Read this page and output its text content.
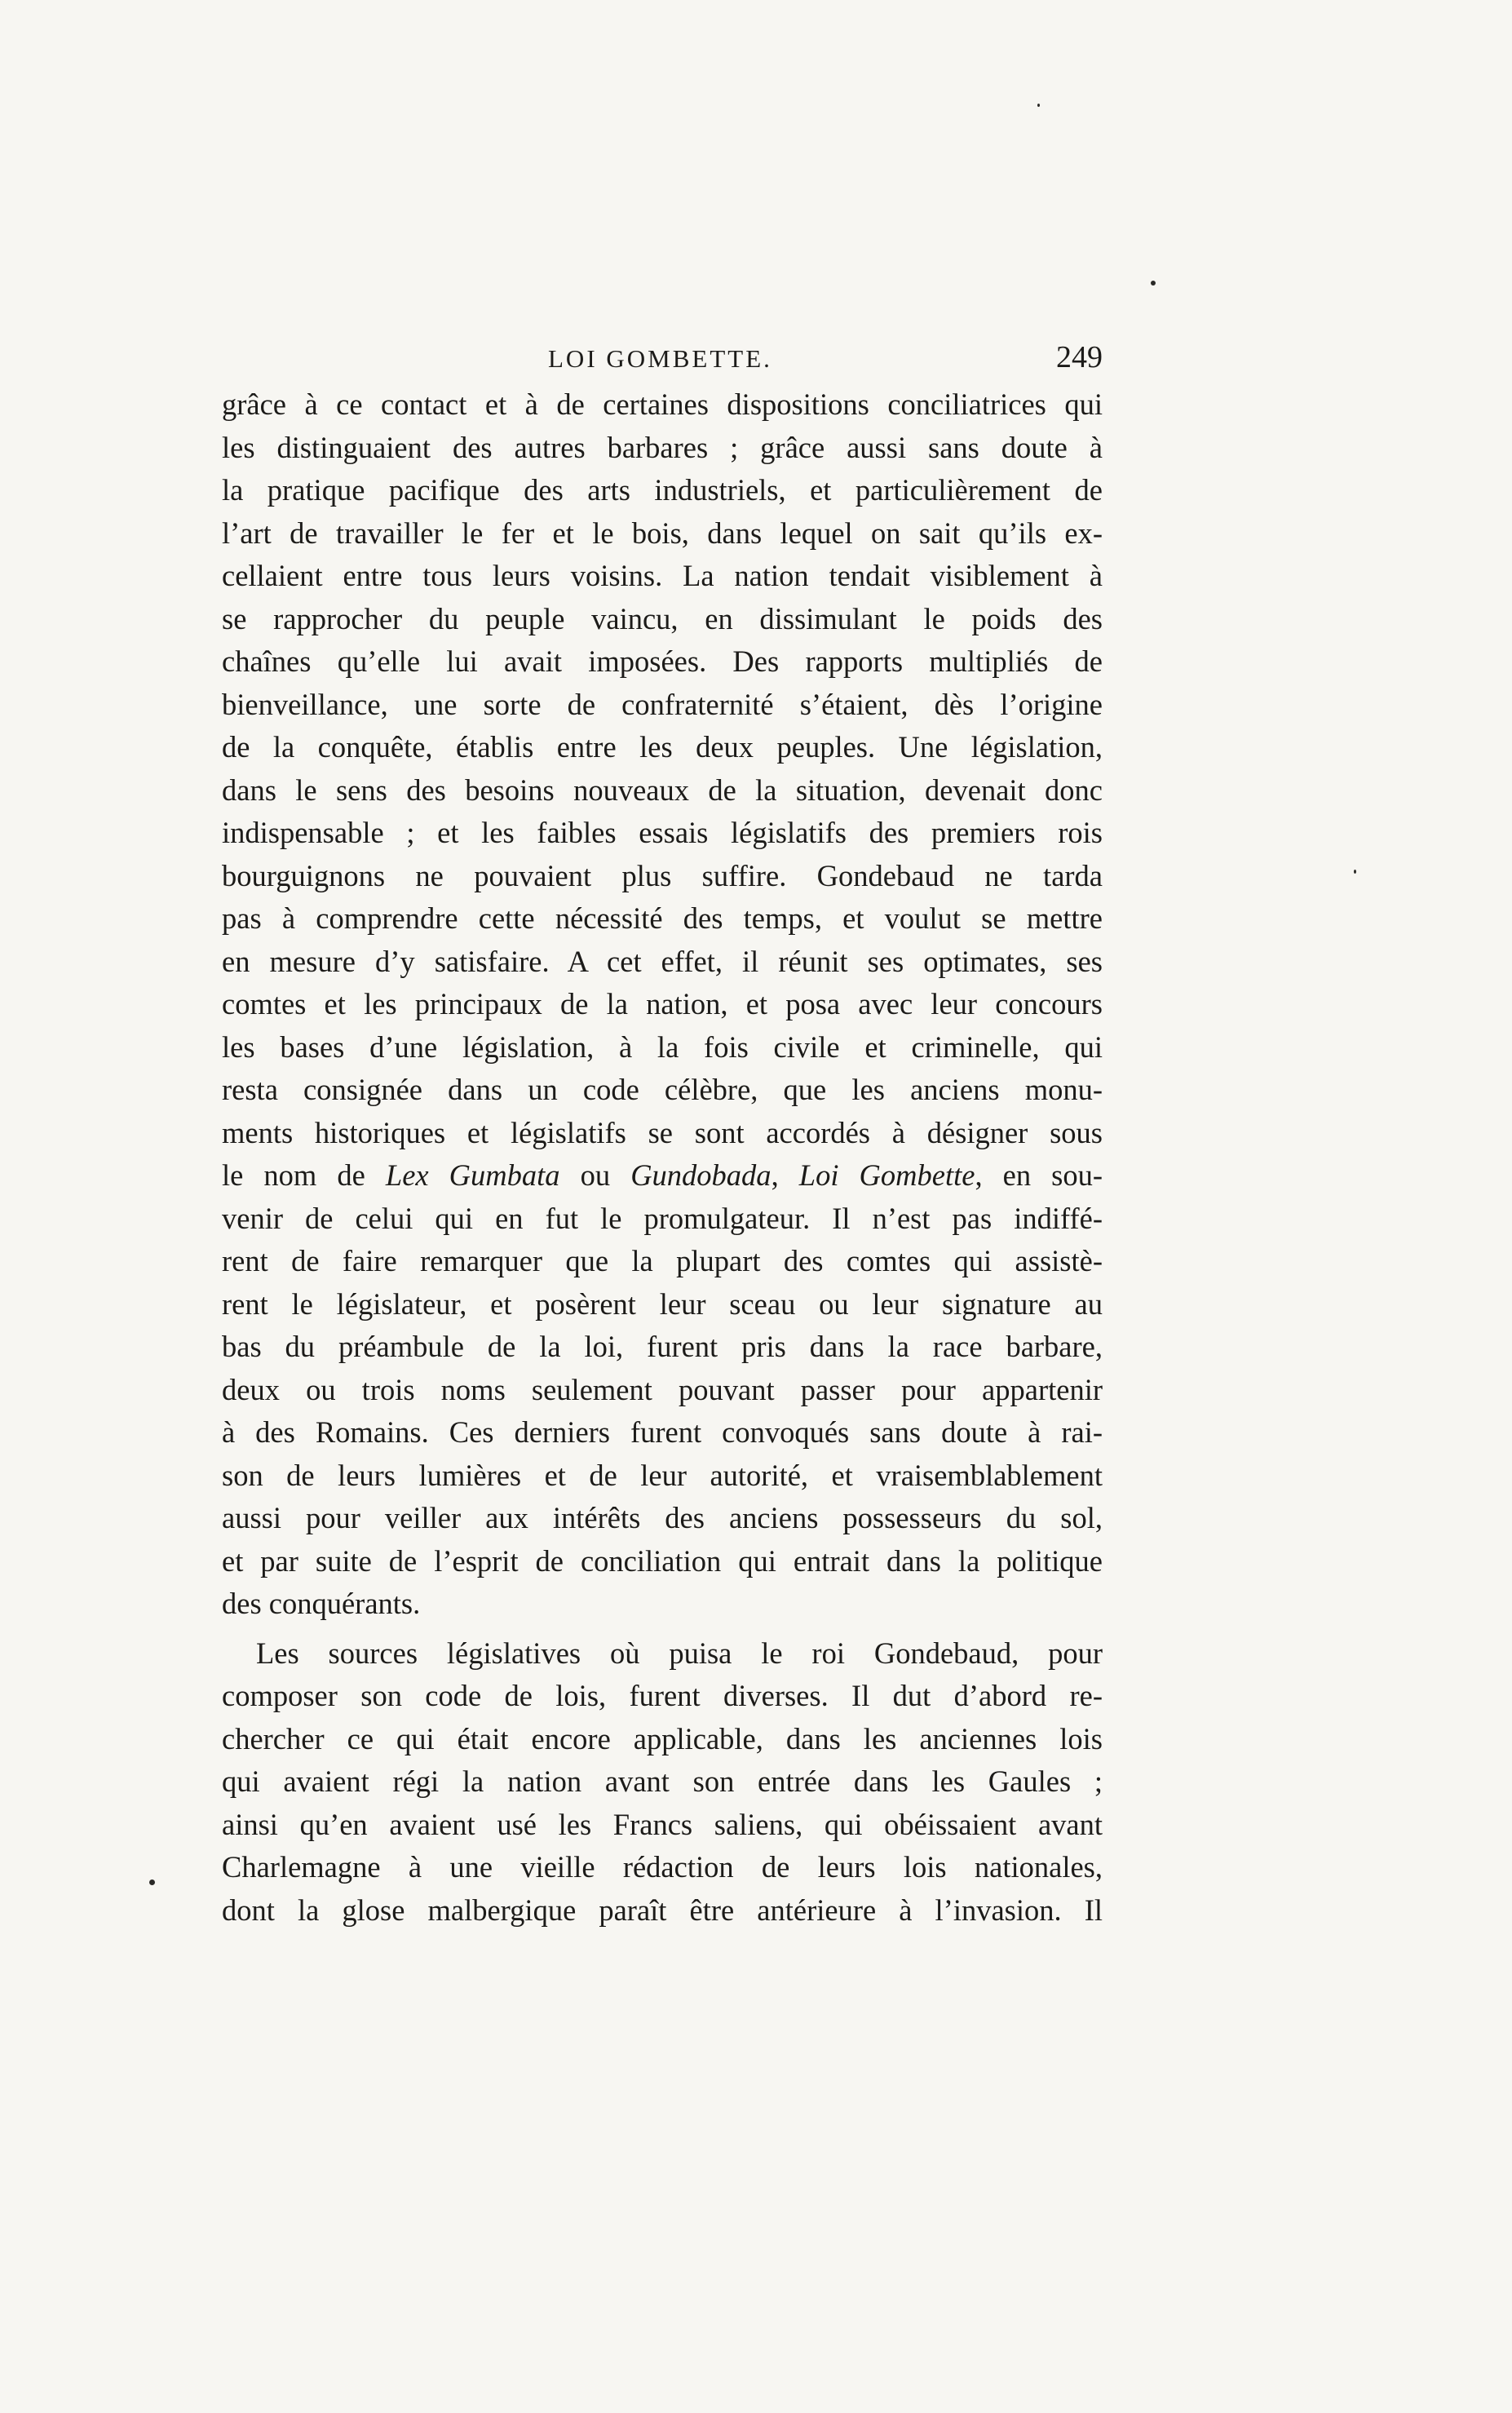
LOI GOMBETTE.	249
grâce à ce contact et à de certaines dispositions conciliatrices qui
les distinguaient des autres barbares ; grâce aussi sans doute à
la pratique pacifique des arts industriels, et particulièrement de
l’art de travailler le fer et le bois, dans lequel on sait qu’ils ex-
cellaient entre tous leurs voisins. La nation tendait visiblement à
se rapprocher du peuple vaincu, en dissimulant le poids des
chaînes qu’elle lui avait imposées. Des rapports multipliés de
bienveillance, une sorte de confraternité s’étaient, dès l’origine
de la conquête, établis entre les deux peuples. Une législation,
dans le sens des besoins nouveaux de la situation, devenait donc
indispensable ; et les faibles essais législatifs des premiers rois
bourguignons ne pouvaient plus suffire. Gondebaud ne tarda
pas à comprendre cette nécessité des temps, et voulut se mettre
en mesure d’y satisfaire. A cet effet, il réunit ses optimates, ses
comtes et les principaux de la nation, et posa avec leur concours
les bases d’une législation, à la fois civile et criminelle, qui
resta consignée dans un code célèbre, que les anciens monu-
ments historiques et législatifs se sont accordés à désigner sous
le nom de Lex Gumbata ou Gundobada, Loi Gombette, en sou-
venir de celui qui en fut le promulgateur. Il n’est pas indiffé-
rent de faire remarquer que la plupart des comtes qui assistè-
rent le législateur, et posèrent leur sceau ou leur signature au
bas du préambule de la loi, furent pris dans la race barbare,
deux ou trois noms seulement pouvant passer pour appartenir
à des Romains. Ces derniers furent convoqués sans doute à rai-
son de leurs lumières et de leur autorité, et vraisemblablement
aussi pour veiller aux intérêts des anciens possesseurs du sol,
et par suite de l’esprit de conciliation qui entrait dans la politique
des conquérants.
Les sources législatives où puisa le roi Gondebaud, pour
composer son code de lois, furent diverses. Il dut d’abord re-
chercher ce qui était encore applicable, dans les anciennes lois
qui avaient régi la nation avant son entrée dans les Gaules ;
ainsi qu’en avaient usé les Francs saliens, qui obéissaient avant
Charlemagne à une vieille rédaction de leurs lois nationales,
dont la glose malbergique paraît être antérieure à l’invasion. Il
